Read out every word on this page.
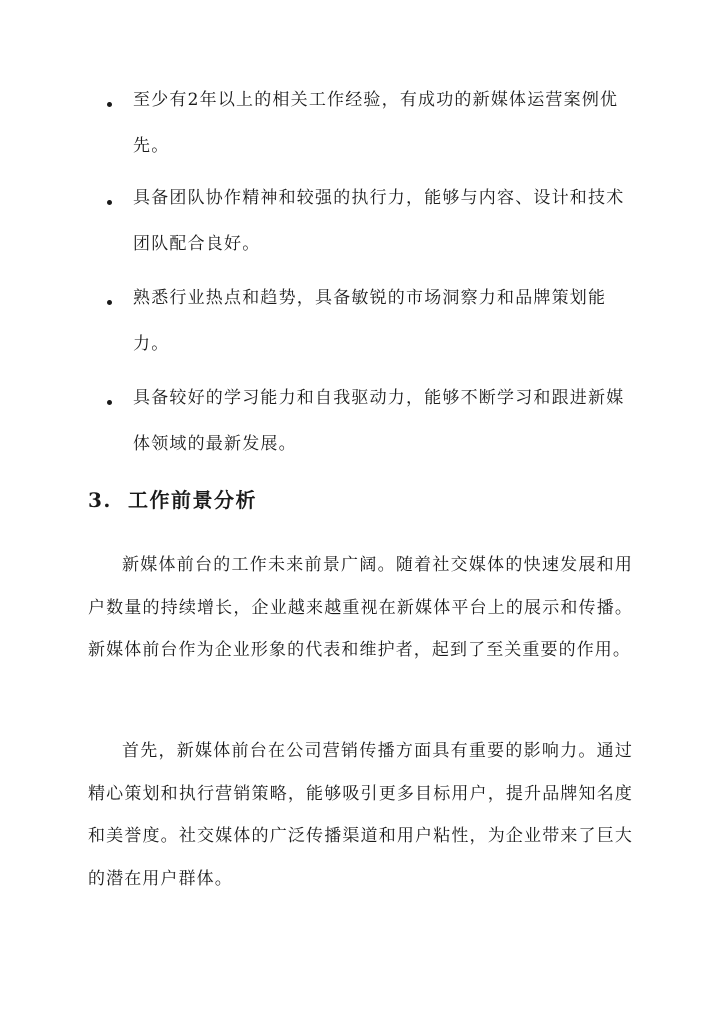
至少有2年以上的相关工作经验，有成功的新媒体运营案例优先。
具备团队协作精神和较强的执行力，能够与内容、设计和技术团队配合良好。
熟悉行业热点和趋势，具备敏锐的市场洞察力和品牌策划能力。
具备较好的学习能力和自我驱动力，能够不断学习和跟进新媒体领域的最新发展。
3. 工作前景分析

新媒体前台的工作未来前景广阔。随着社交媒体的快速发展和用户数量的持续增长，企业越来越重视在新媒体平台上的展示和传播。新媒体前台作为企业形象的代表和维护者，起到了至关重要的作用。

首先，新媒体前台在公司营销传播方面具有重要的影响力。通过精心策划和执行营销策略，能够吸引更多目标用户，提升品牌知名度和美誉度。社交媒体的广泛传播渠道和用户粘性，为企业带来了巨大的潜在用户群体。
